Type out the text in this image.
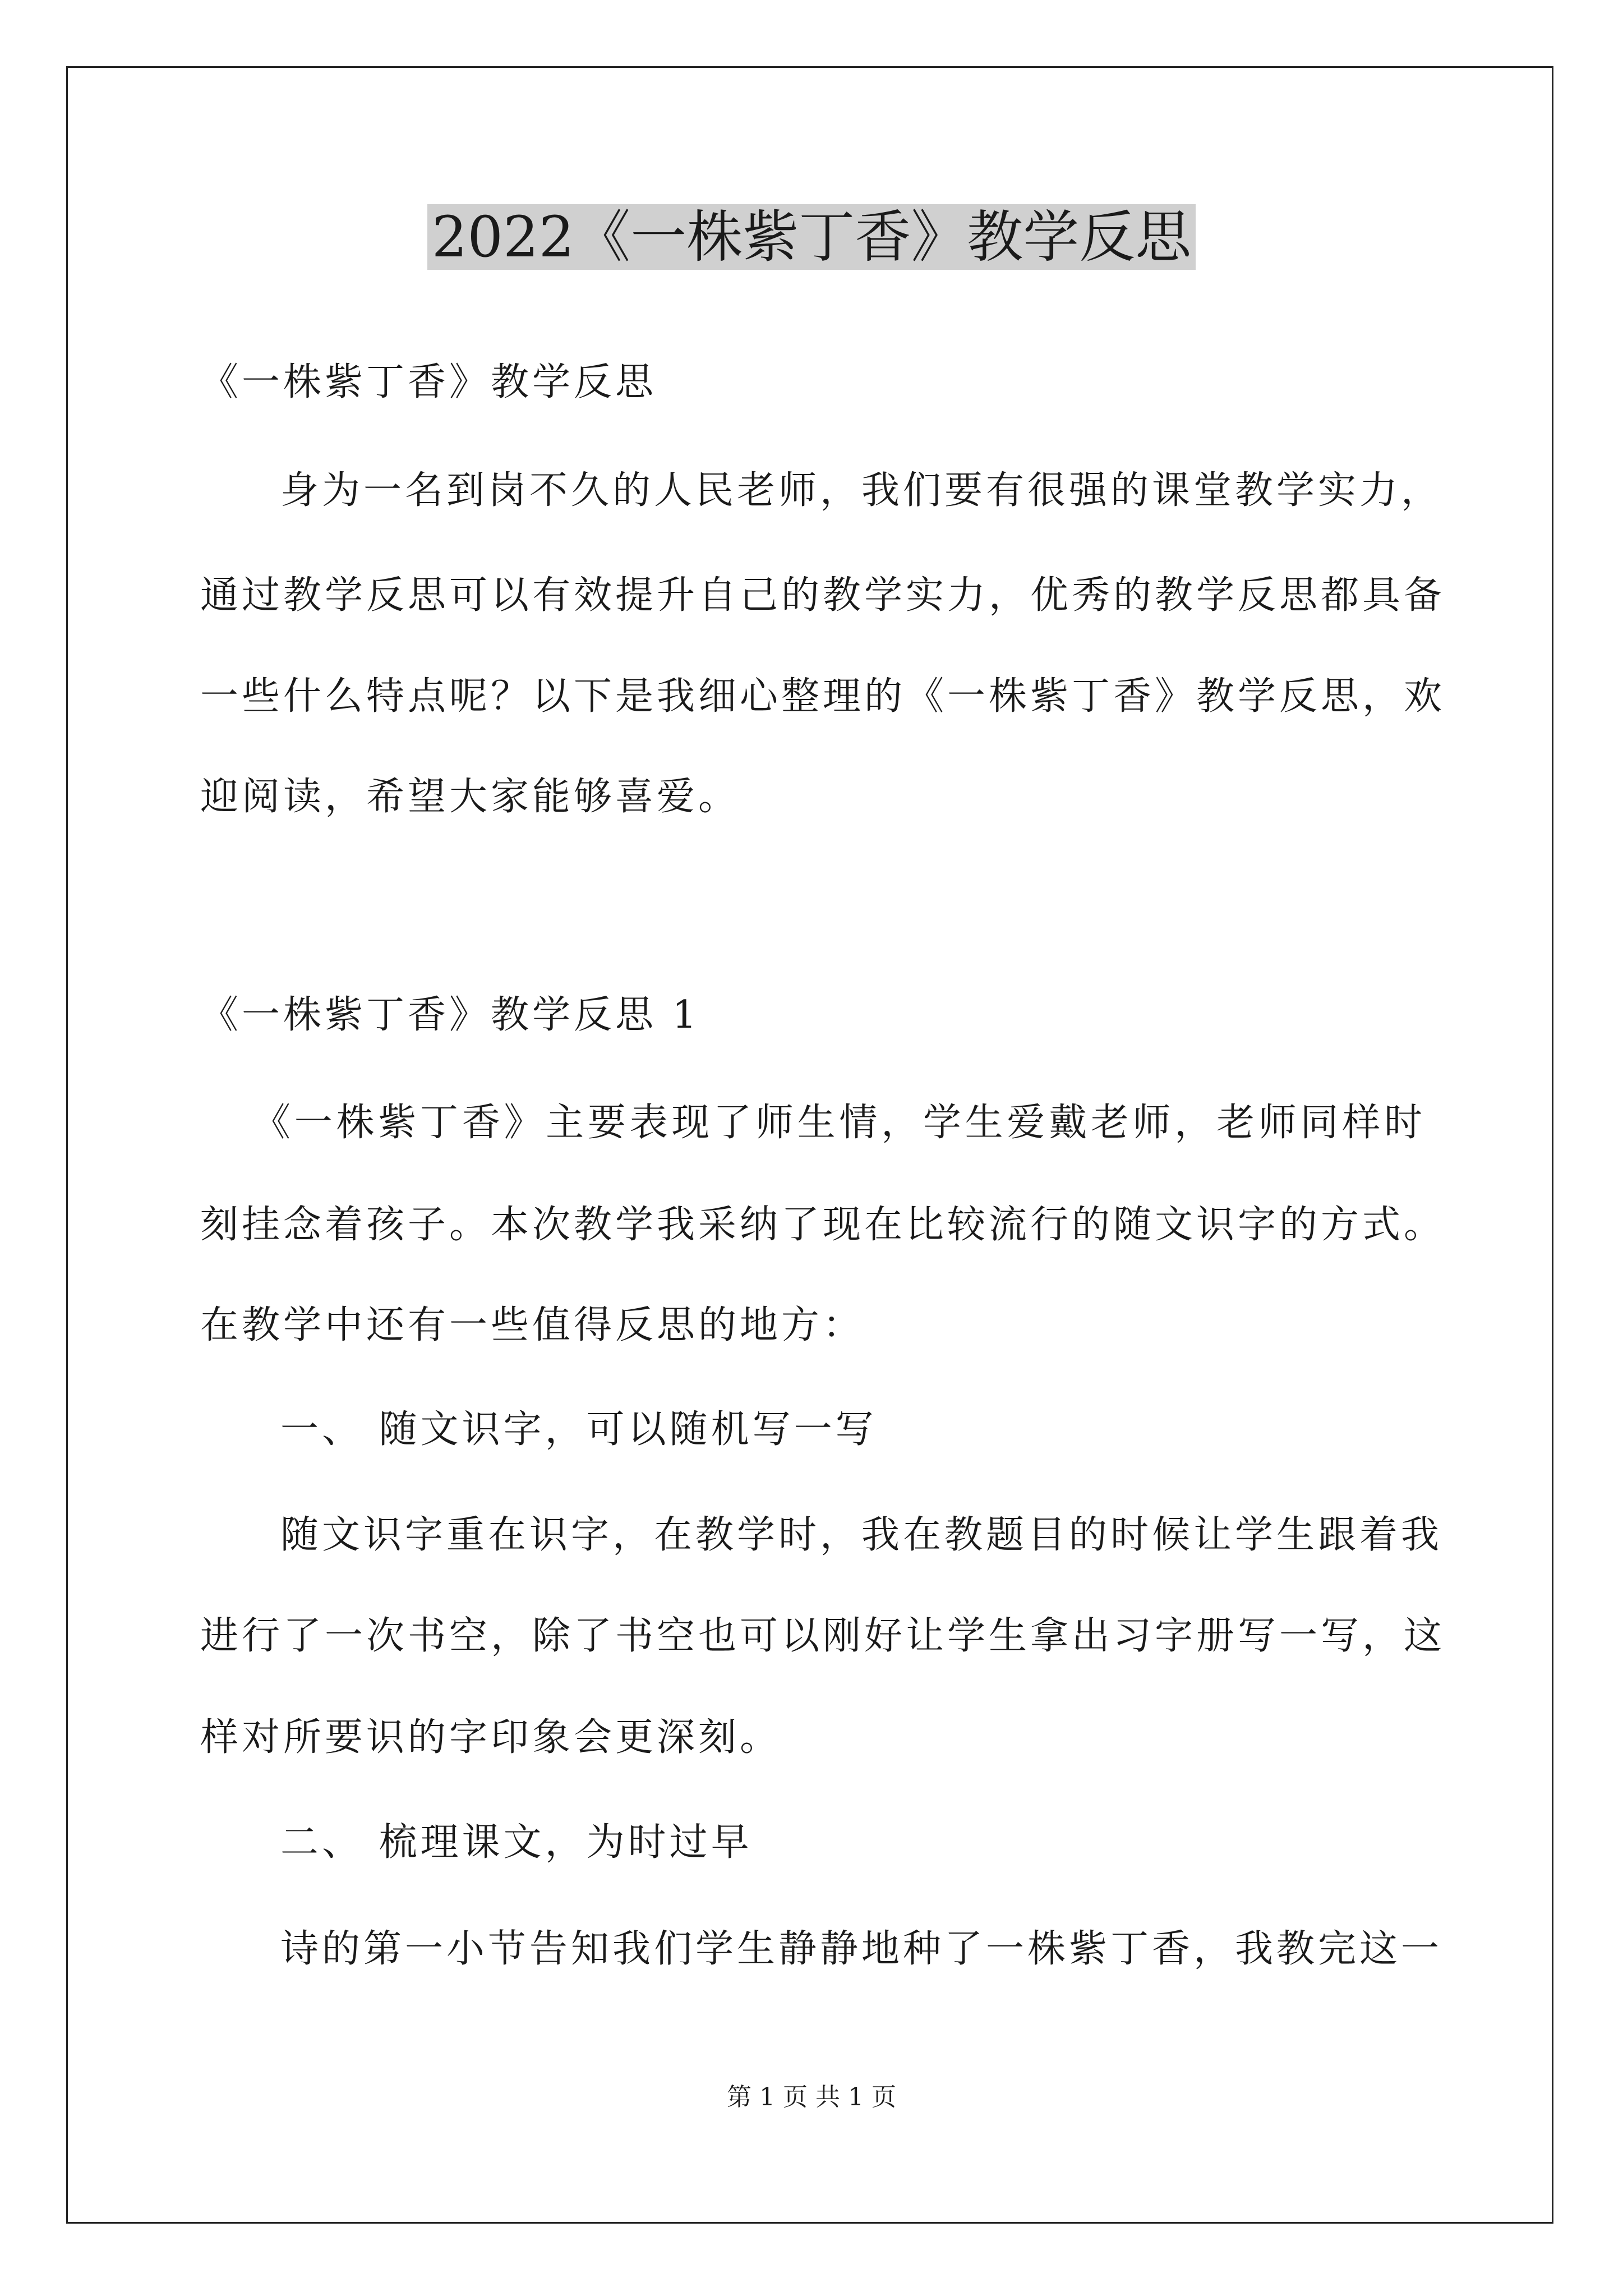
2022《一株紫丁香》教学反思
《一株紫丁香》教学反思
身为一名到岗不久的人民老师，我们要有很强的课堂教学实力，
通过教学反思可以有效提升自己的教学实力，优秀的教学反思都具备
一些什么特点呢？以下是我细心整理的《一株紫丁香》教学反思，欢
迎阅读，希望大家能够喜爱。
《一株紫丁香》教学反思 1
《一株紫丁香》主要表现了师生情，学生爱戴老师，老师同样时
刻挂念着孩子。本次教学我采纳了现在比较流行的随文识字的方式。
在教学中还有一些值得反思的地方：
一、 随文识字，可以随机写一写
随文识字重在识字，在教学时，我在教题目的时候让学生跟着我
进行了一次书空，除了书空也可以刚好让学生拿出习字册写一写，这
样对所要识的字印象会更深刻。
二、 梳理课文，为时过早
诗的第一小节告知我们学生静静地种了一株紫丁香，我教完这一
第 1 页 共 1 页
